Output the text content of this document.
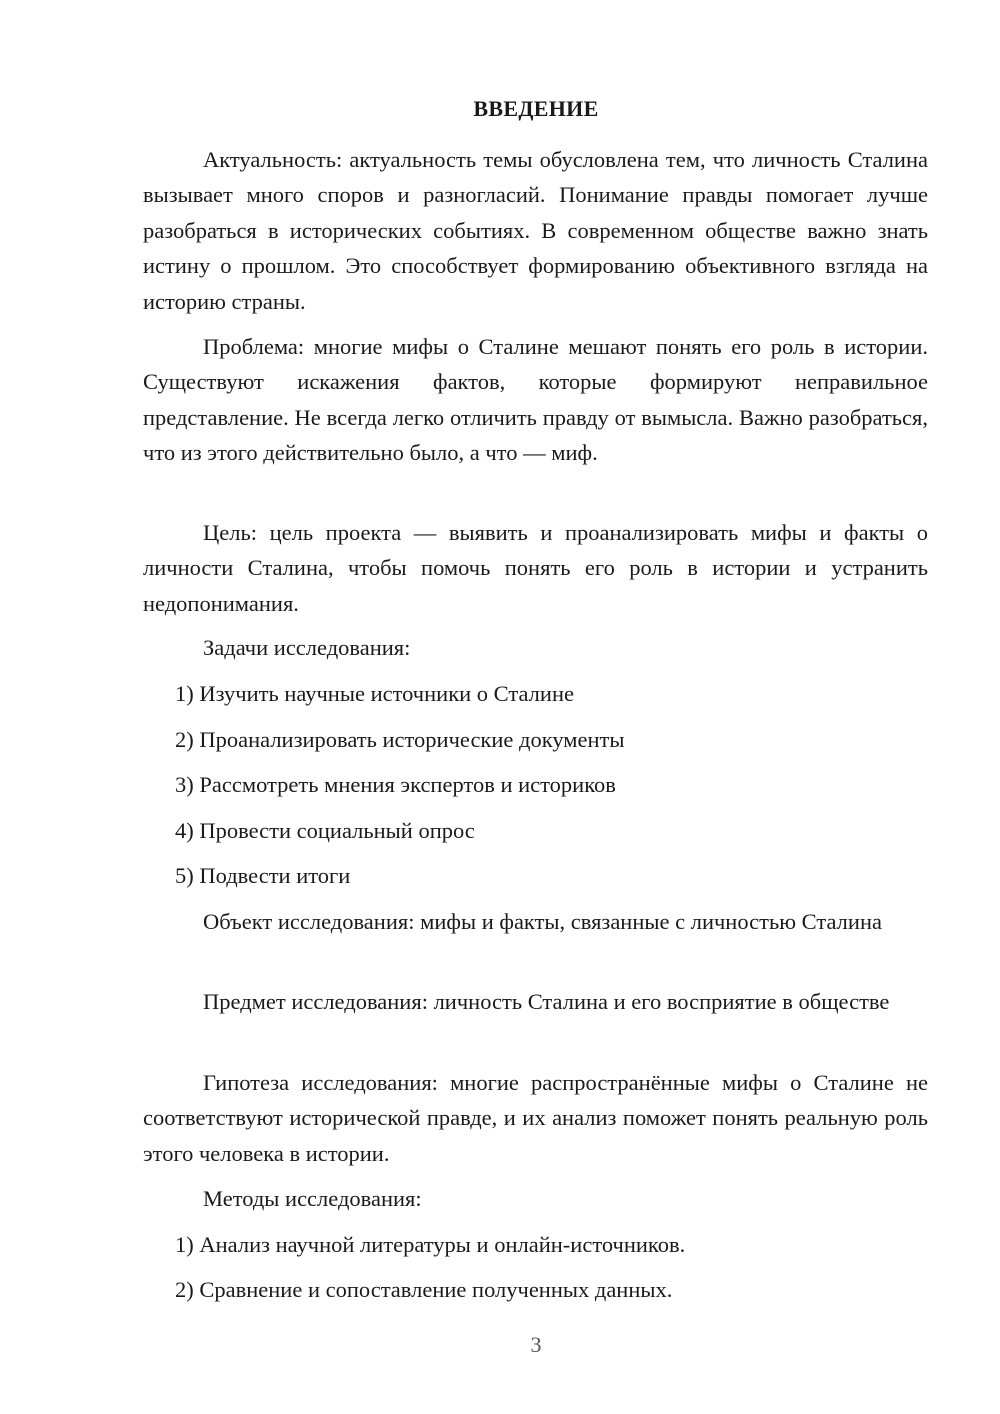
ВВЕДЕНИЕ

Актуальность: актуальность темы обусловлена тем, что личность Сталина вызывает много споров и разногласий. Понимание правды помогает лучше разобраться в исторических событиях. В современном обществе важно знать истину о прошлом. Это способствует формированию объективного взгляда на историю страны.

Проблема: многие мифы о Сталине мешают понять его роль в истории. Существуют искажения фактов, которые формируют неправильное представление. Не всегда легко отличить правду от вымысла. Важно разобраться, что из этого действительно было, а что — миф.

Цель: цель проекта — выявить и проанализировать мифы и факты о личности Сталина, чтобы помочь понять его роль в истории и устранить недопонимания.

Задачи исследования:

1) Изучить научные источники о Сталине

2) Проанализировать исторические документы

3) Рассмотреть мнения экспертов и историков

4) Провести социальный опрос

5) Подвести итоги

Объект исследования: мифы и факты, связанные с личностью Сталина

Предмет исследования: личность Сталина и его восприятие в обществе

Гипотеза исследования: многие распространённые мифы о Сталине не соответствуют исторической правде, и их анализ поможет понять реальную роль этого человека в истории.

Методы исследования:

1) Анализ научной литературы и онлайн-источников.

2) Сравнение и сопоставление полученных данных.

3
